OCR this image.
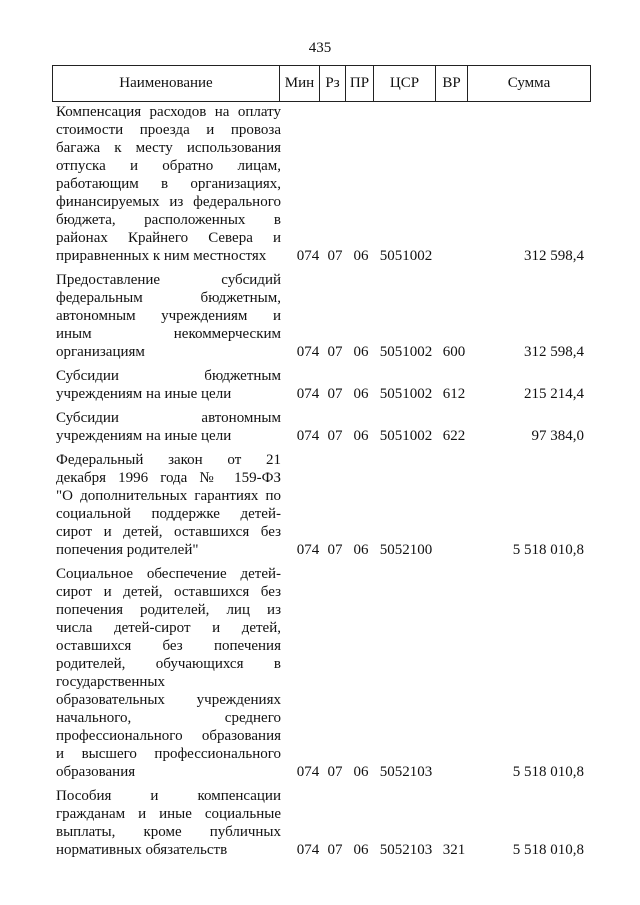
435
Наименование	Мин	Рз	ПР	ЦСР	ВР	Сумма
Компенсация расходов на оплату
стоимости проезда и провоза
багажа к месту использования
отпуска и обратно лицам,
работающим в организациях,
финансируемых из федерального
бюджета, расположенных в
районах Крайнего Севера и
приравненных к ним местностях	074 07 06 5051002	312 598,4
Предоставление субсидий
федеральным бюджетным,
автономным учреждениям и
иным некоммерческим
организациям	074 07 06 5051002 600	312 598,4
Субсидии бюджетным
учреждениям на иные цели	074 07 06 5051002 612	215 214,4
Субсидии автономным
учреждениям на иные цели	074 07 06 5051002 622	97 384,0
Федеральный закон от 21
декабря 1996 года № 159-ФЗ
"О дополнительных гарантиях по
социальной поддержке детей-
сирот и детей, оставшихся без
попечения родителей"	074 07 06 5052100	5 518 010,8
Социальное обеспечение детей-
сирот и детей, оставшихся без
попечения родителей, лиц из
числа детей-сирот и детей,
оставшихся без попечения
родителей, обучающихся в
государственных
образовательных учреждениях
начального, среднего
профессионального образования
и высшего профессионального
образования	074 07 06 5052103	5 518 010,8
Пособия и компенсации
гражданам и иные социальные
выплаты, кроме публичных
нормативных обязательств	074 07 06 5052103 321	5 518 010,8
